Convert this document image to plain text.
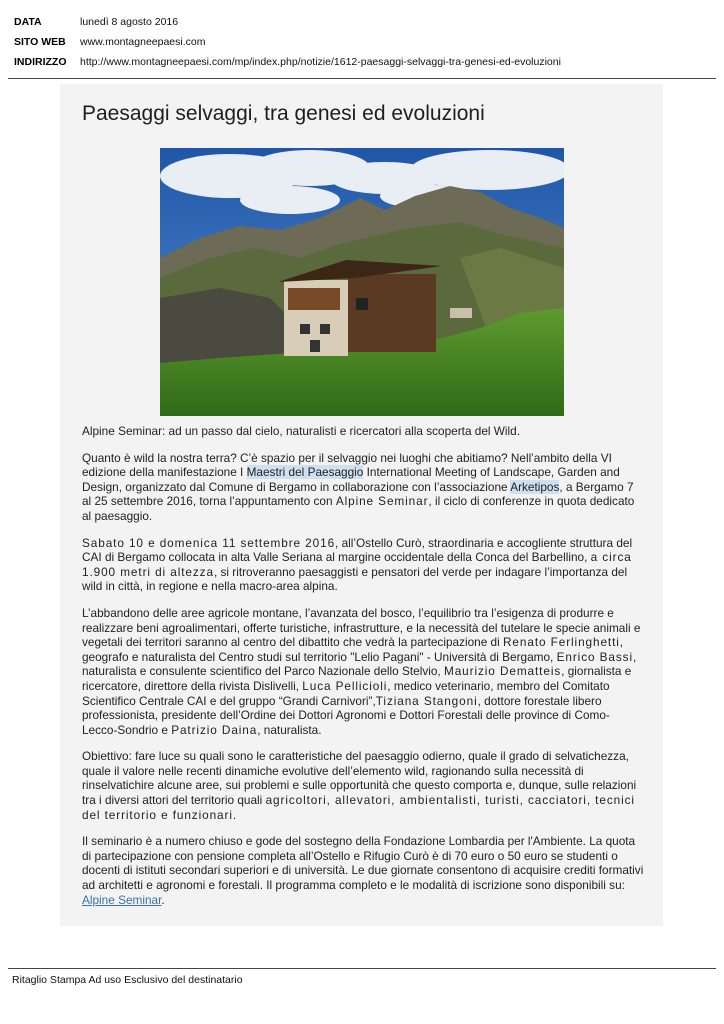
DATA	lunedì 8 agosto 2016
SITO WEB	www.montagneepaesi.com
INDIRIZZO	http://www.montagneepaesi.com/mp/index.php/notizie/1612-paesaggi-selvaggi-tra-genesi-ed-evoluzioni
Paesaggi selvaggi, tra genesi ed evoluzioni

Alpine Seminar: ad un passo dal cielo, naturalisti e ricercatori alla scoperta del Wild.

Quanto è wild la nostra terra? C’è spazio per il selvaggio nei luoghi che abitiamo? Nell’ambito della VI edizione della manifestazione I Maestri del Paesaggio International Meeting of Landscape, Garden and Design, organizzato dal Comune di Bergamo in collaborazione con l’associazione Arketipos, a Bergamo 7 al 25 settembre 2016, torna l’appuntamento con Alpine Seminar, il ciclo di conferenze in quota dedicato al paesaggio.

Sabato 10 e domenica 11 settembre 2016, all’Ostello Curò, straordinaria e accogliente struttura del CAI di Bergamo collocata in alta Valle Seriana al margine occidentale della Conca del Barbellino, a circa 1.900 metri di altezza, si ritroveranno paesaggisti e pensatori del verde per indagare l’importanza del wild in città, in regione e nella macro-area alpina.

L’abbandono delle aree agricole montane, l’avanzata del bosco, l’equilibrio tra l’esigenza di produrre e realizzare beni agroalimentari, offerte turistiche, infrastrutture, e la necessità del tutelare le specie animali e vegetali dei territori saranno al centro del dibattito che vedrà la partecipazione di Renato Ferlinghetti, geografo e naturalista del Centro studi sul territorio "Lelio Pagani" - Università di Bergamo, Enrico Bassi, naturalista e consulente scientifico del Parco Nazionale dello Stelvio, Maurizio Dematteis, giornalista e ricercatore, direttore della rivista Dislivelli, Luca Pellicioli, medico veterinario, membro del Comitato Scientifico Centrale CAI e del gruppo “Grandi Carnivori”,Tiziana Stangoni, dottore forestale libero professionista, presidente dell’Ordine dei Dottori Agronomi e Dottori Forestali delle province di Como-Lecco-Sondrio e Patrizio Daina, naturalista.

Obiettivo: fare luce su quali sono le caratteristiche del paesaggio odierno, quale il grado di selvatichezza, quale il valore nelle recenti dinamiche evolutive dell’elemento wild, ragionando sulla necessità di rinselvatichire alcune aree, sui problemi e sulle opportunità che questo comporta e, dunque, sulle relazioni tra i diversi attori del territorio quali agricoltori, allevatori, ambientalisti, turisti, cacciatori, tecnici del territorio e funzionari.

Il seminario è a numero chiuso e gode del sostegno della Fondazione Lombardia per l'Ambiente. La quota di partecipazione con pensione completa all’Ostello e Rifugio Curò è di 70 euro o 50 euro se studenti o docenti di istituti secondari superiori e di università. Le due giornate consentono di acquisire crediti formativi ad architetti e agronomi e forestali. Il programma completo e le modalità di iscrizione sono disponibili su: Alpine Seminar.

Ritaglio Stampa Ad uso Esclusivo del destinatario
